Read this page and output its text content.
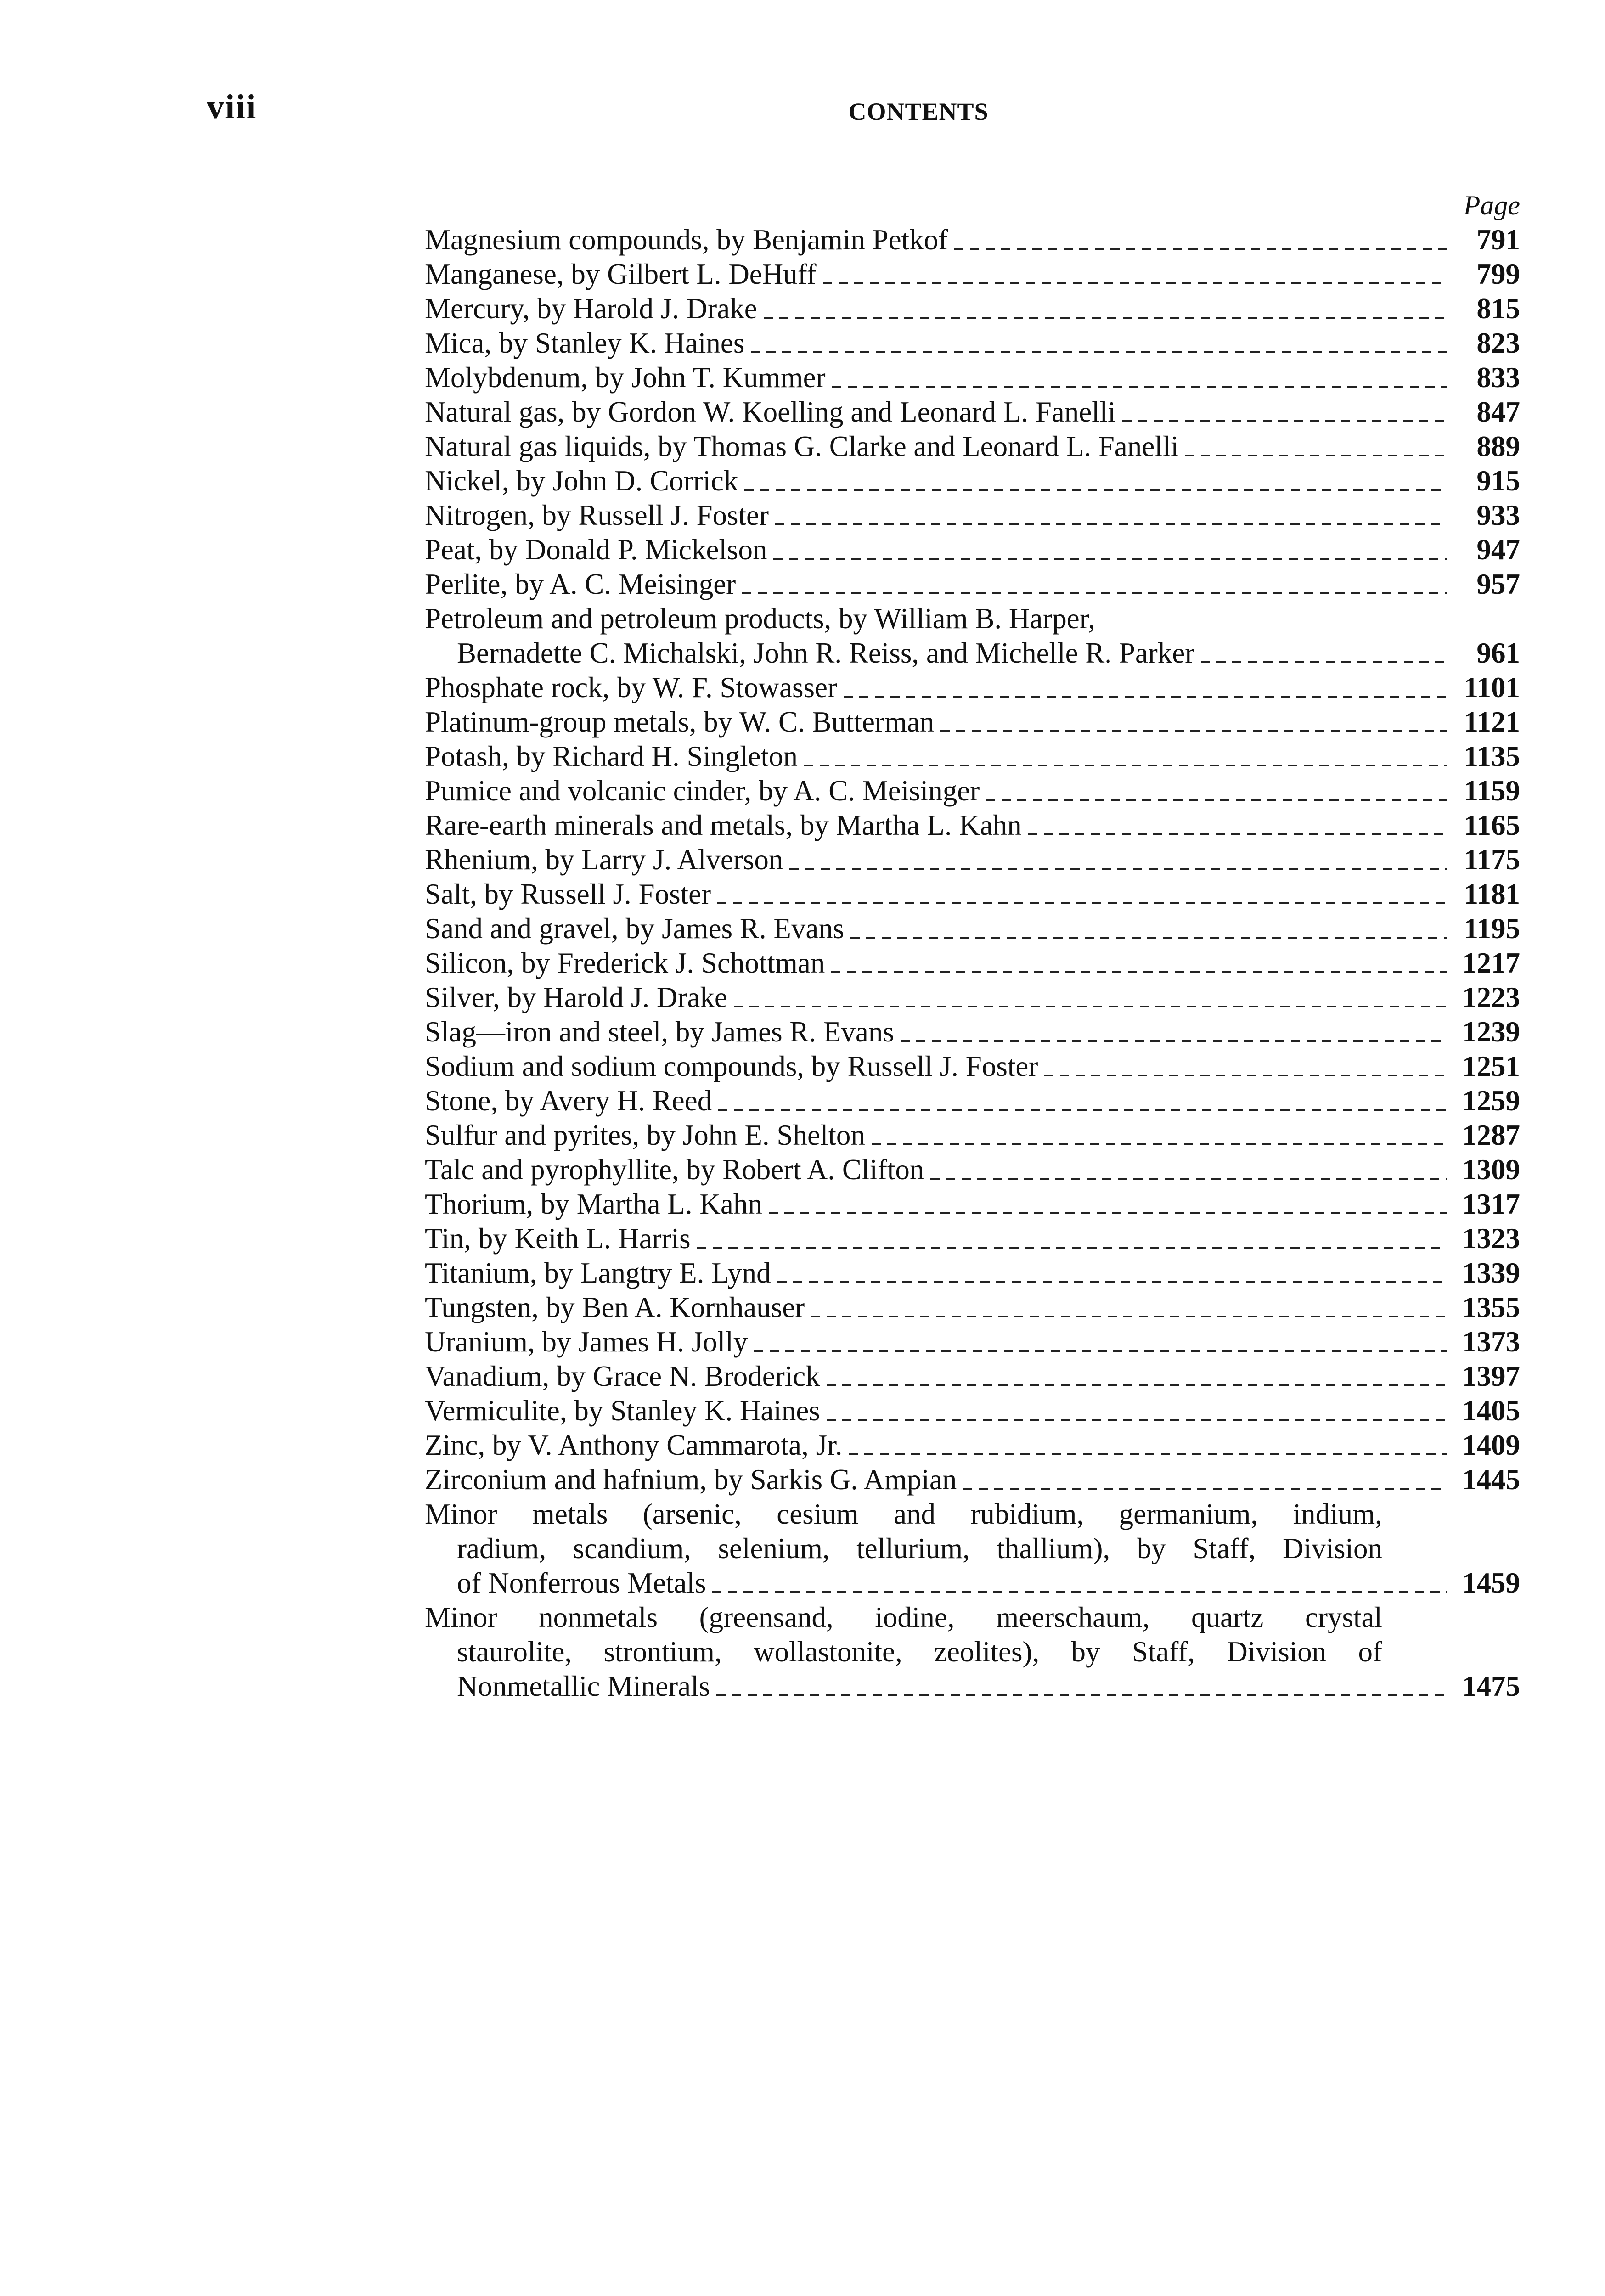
viii	CONTENTS
Page
Magnesium compounds, by Benjamin Petkof	791
Manganese, by Gilbert L. DeHuff	799
Mercury, by Harold J. Drake	815
Mica, by Stanley K. Haines	823
Molybdenum, by John T. Kummer	833
Natural gas, by Gordon W. Koelling and Leonard L. Fanelli	847
Natural gas liquids, by Thomas G. Clarke and Leonard L. Fanelli	889
Nickel, by John D. Corrick	915
Nitrogen, by Russell J. Foster	933
Peat, by Donald P. Mickelson	947
Perlite, by A. C. Meisinger	957
Petroleum and petroleum products, by William B. Harper,
Bernadette C. Michalski, John R. Reiss, and Michelle R. Parker	961
Phosphate rock, by W. F. Stowasser	1101
Platinum-group metals, by W. C. Butterman	1121
Potash, by Richard H. Singleton	1135
Pumice and volcanic cinder, by A. C. Meisinger	1159
Rare-earth minerals and metals, by Martha L. Kahn	1165
Rhenium, by Larry J. Alverson	1175
Salt, by Russell J. Foster	1181
Sand and gravel, by James R. Evans	1195
Silicon, by Frederick J. Schottman	1217
Silver, by Harold J. Drake	1223
Slag—iron and steel, by James R. Evans	1239
Sodium and sodium compounds, by Russell J. Foster	1251
Stone, by Avery H. Reed	1259
Sulfur and pyrites, by John E. Shelton	1287
Talc and pyrophyllite, by Robert A. Clifton	1309
Thorium, by Martha L. Kahn	1317
Tin, by Keith L. Harris	1323
Titanium, by Langtry E. Lynd	1339
Tungsten, by Ben A. Kornhauser	1355
Uranium, by James H. Jolly	1373
Vanadium, by Grace N. Broderick	1397
Vermiculite, by Stanley K. Haines	1405
Zinc, by V. Anthony Cammarota, Jr.	1409
Zirconium and hafnium, by Sarkis G. Ampian	1445
Minor metals (arsenic, cesium and rubidium, germanium, indium,
radium, scandium, selenium, tellurium, thallium), by Staff, Division
of Nonferrous Metals	1459
Minor nonmetals (greensand, iodine, meerschaum, quartz crystal
staurolite, strontium, wollastonite, zeolites), by Staff, Division of
Nonmetallic Minerals	1475
